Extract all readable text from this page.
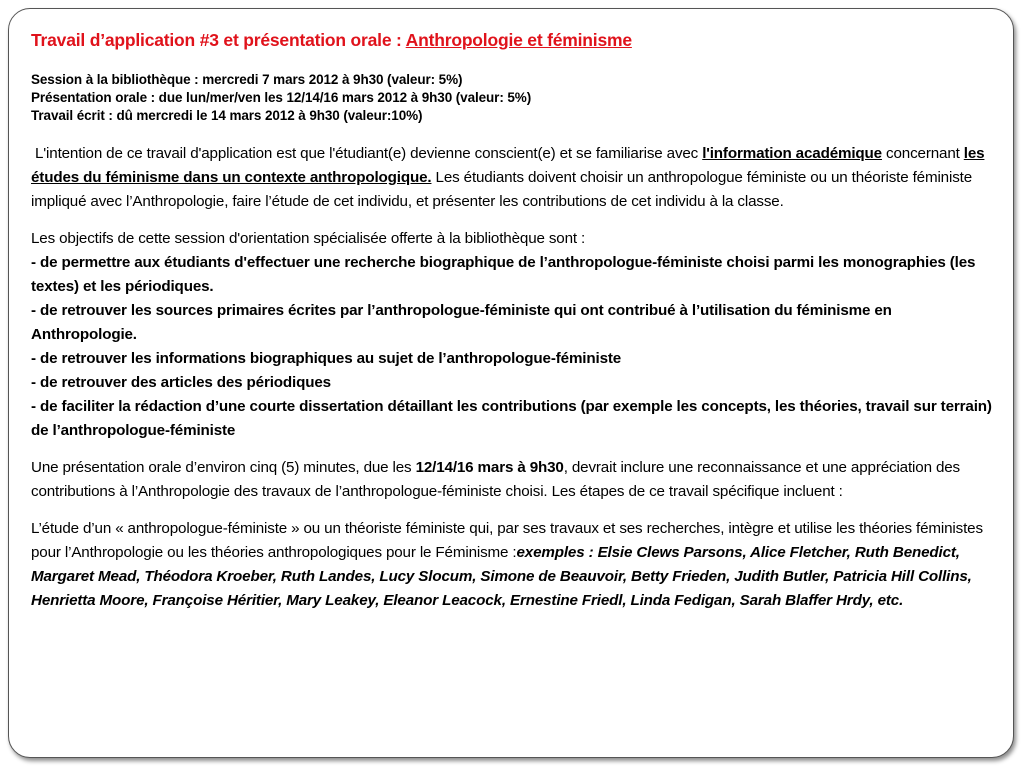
Travail d’application #3 et présentation orale : Anthropologie et féminisme
Session à la bibliothèque : mercredi 7 mars 2012 à 9h30 (valeur: 5%)
Présentation orale : due lun/mer/ven les 12/14/16 mars 2012 à 9h30 (valeur: 5%)
Travail écrit : dû mercredi le 14 mars 2012 à 9h30 (valeur:10%)
L'intention de ce travail d'application est que l'étudiant(e) devienne conscient(e) et se familiarise avec l'information académique concernant les études du féminisme dans un contexte anthropologique. Les étudiants doivent choisir un anthropologue féministe ou un théoriste féministe impliqué avec l’Anthropologie, faire l’étude de cet individu, et présenter les contributions de cet individu à la classe.
Les objectifs de cette session d'orientation spécialisée offerte à la bibliothèque sont :
- de permettre aux étudiants d'effectuer une recherche biographique de l’anthropologue-féministe choisi parmi les monographies (les textes) et les périodiques.
- de retrouver les sources primaires écrites par l’anthropologue-féministe qui ont contribué à l’utilisation du féminisme en Anthropologie.
- de retrouver les informations biographiques au sujet de l’anthropologue-féministe
- de retrouver des articles des périodiques
- de faciliter la rédaction d’une courte dissertation détaillant les contributions (par exemple les concepts, les théories, travail sur terrain) de l’anthropologue-féministe
Une présentation orale d’environ cinq (5) minutes, due les 12/14/16 mars à 9h30, devrait inclure une reconnaissance et une appréciation des contributions à l’Anthropologie des travaux de l’anthropologue-féministe choisi. Les étapes de ce travail spécifique incluent :
L’étude d’un « anthropologue-féministe » ou un théoriste féministe qui, par ses travaux et ses recherches, intègre et utilise les théories féministes pour l’Anthropologie ou les théories anthropologiques pour le Féminisme :exemples : Elsie Clews Parsons, Alice Fletcher, Ruth Benedict, Margaret Mead, Théodora Kroeber, Ruth Landes, Lucy Slocum, Simone de Beauvoir, Betty Frieden, Judith Butler, Patricia Hill Collins, Henrietta Moore, Françoise Héritier, Mary Leakey, Eleanor Leacock, Ernestine Friedl, Linda Fedigan, Sarah Blaffer Hrdy, etc.
